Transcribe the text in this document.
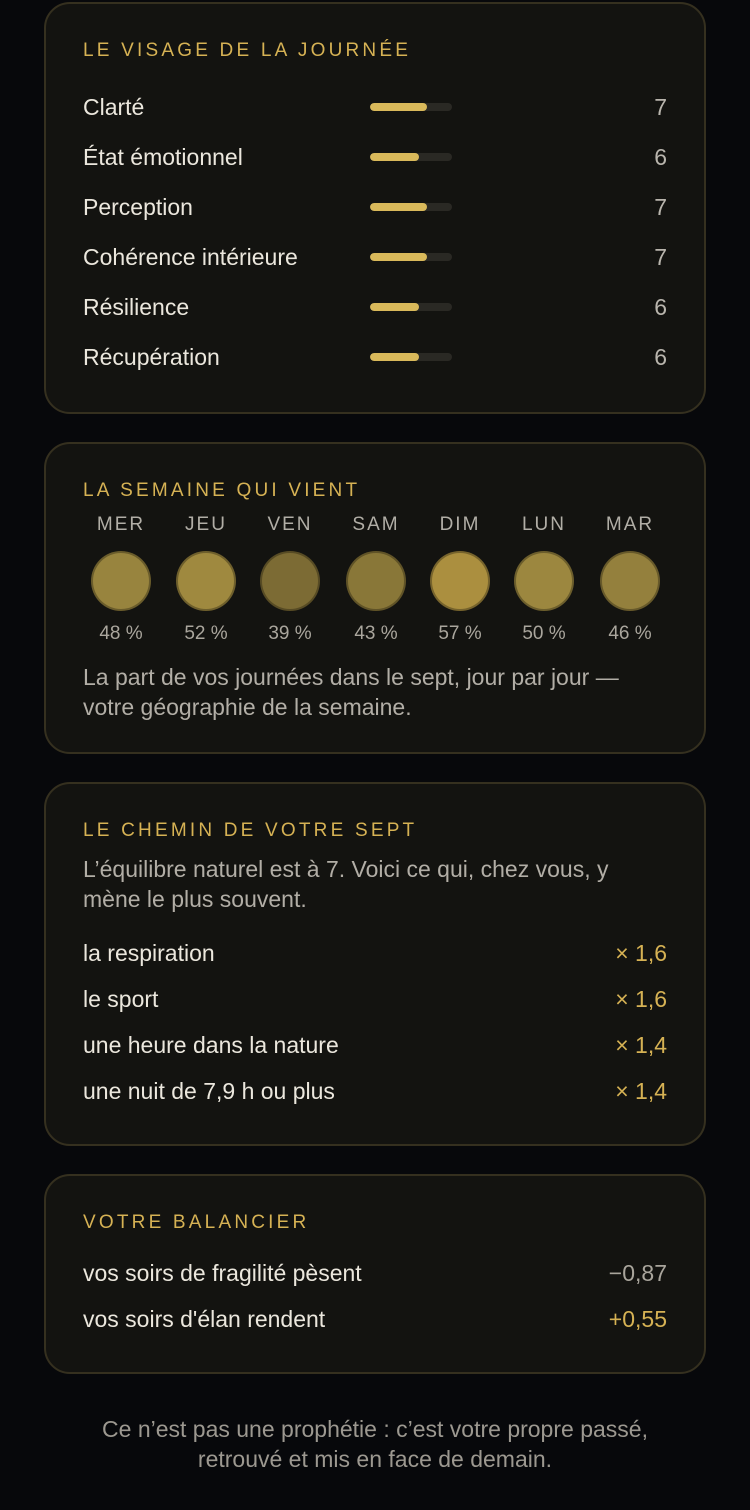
LE VISAGE DE LA JOURNÉE
Clarté	7
État émotionnel	6
Perception	7
Cohérence intérieure	7
Résilience	6
Récupération	6
LA SEMAINE QUI VIENT
MER
48 %
JEU
52 %
VEN
39 %
SAM
43 %
DIM
57 %
LUN
50 %
MAR
46 %
La part de vos journées dans le sept, jour par jour — votre géographie de la semaine.
LE CHEMIN DE VOTRE SEPT
L’équilibre naturel est à 7. Voici ce qui, chez vous, y mène le plus souvent.
la respiration	× 1,6
le sport	× 1,6
une heure dans la nature	× 1,4
une nuit de 7,9 h ou plus	× 1,4
VOTRE BALANCIER
vos soirs de fragilité pèsent	−0,87
vos soirs d'élan rendent	+0,55
Ce n’est pas une prophétie : c’est votre propre passé,
retrouvé et mis en face de demain.
